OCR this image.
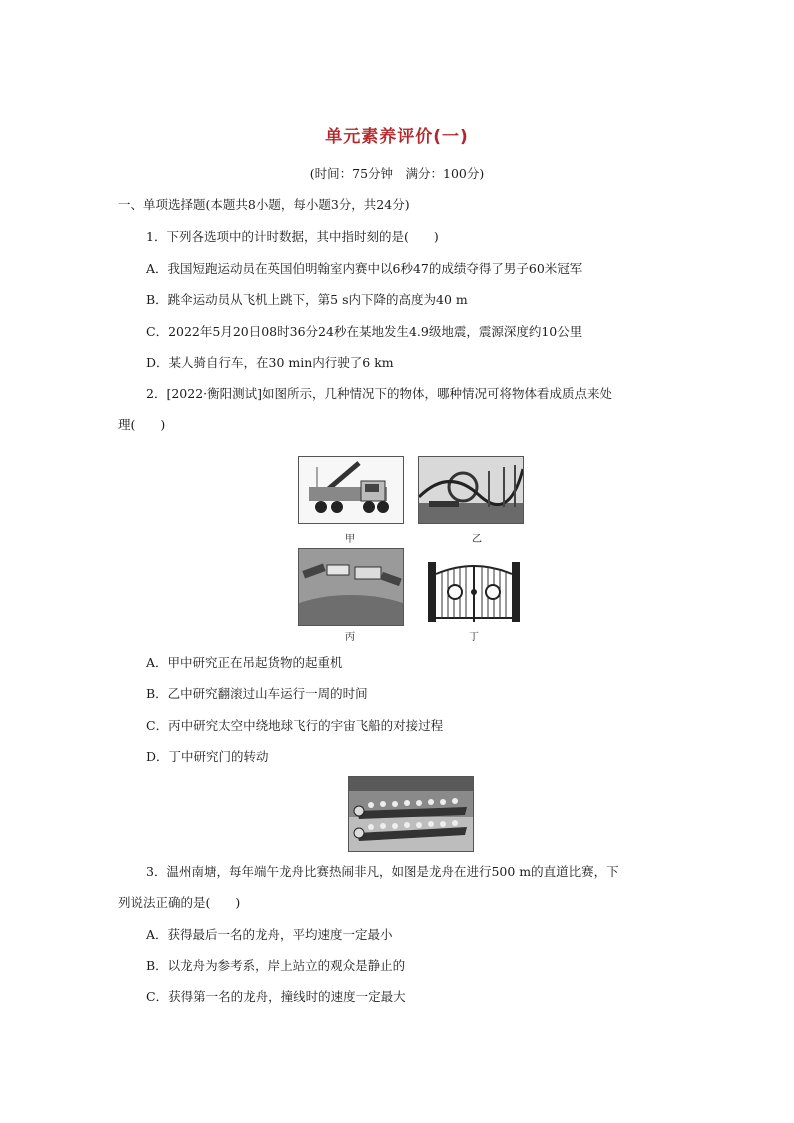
单元素养评价(一)
(时间：75分钟　满分：100分)
一、单项选择题(本题共8小题，每小题3分，共24分)
1．下列各选项中的计时数据，其中指时刻的是(　　)
A．我国短跑运动员在英国伯明翰室内赛中以6秒47的成绩夺得了男子60米冠军
B．跳伞运动员从飞机上跳下，第5 s内下降的高度为40 m
C．2022年5月20日08时36分24秒在某地发生4.9级地震，震源深度约10公里
D．某人骑自行车，在30 min内行驶了6 km
2．[2022·衡阳测试]如图所示，几种情况下的物体，哪种情况可将物体看成质点来处
理(　　)
甲	乙
丙	丁
A．甲中研究正在吊起货物的起重机
B．乙中研究翻滚过山车运行一周的时间
C．丙中研究太空中绕地球飞行的宇宙飞船的对接过程
D．丁中研究门的转动
3．温州南塘，每年端午龙舟比赛热闹非凡，如图是龙舟在进行500 m的直道比赛，下
列说法正确的是(　　)
A．获得最后一名的龙舟，平均速度一定最小
B．以龙舟为参考系，岸上站立的观众是静止的
C．获得第一名的龙舟，撞线时的速度一定最大
